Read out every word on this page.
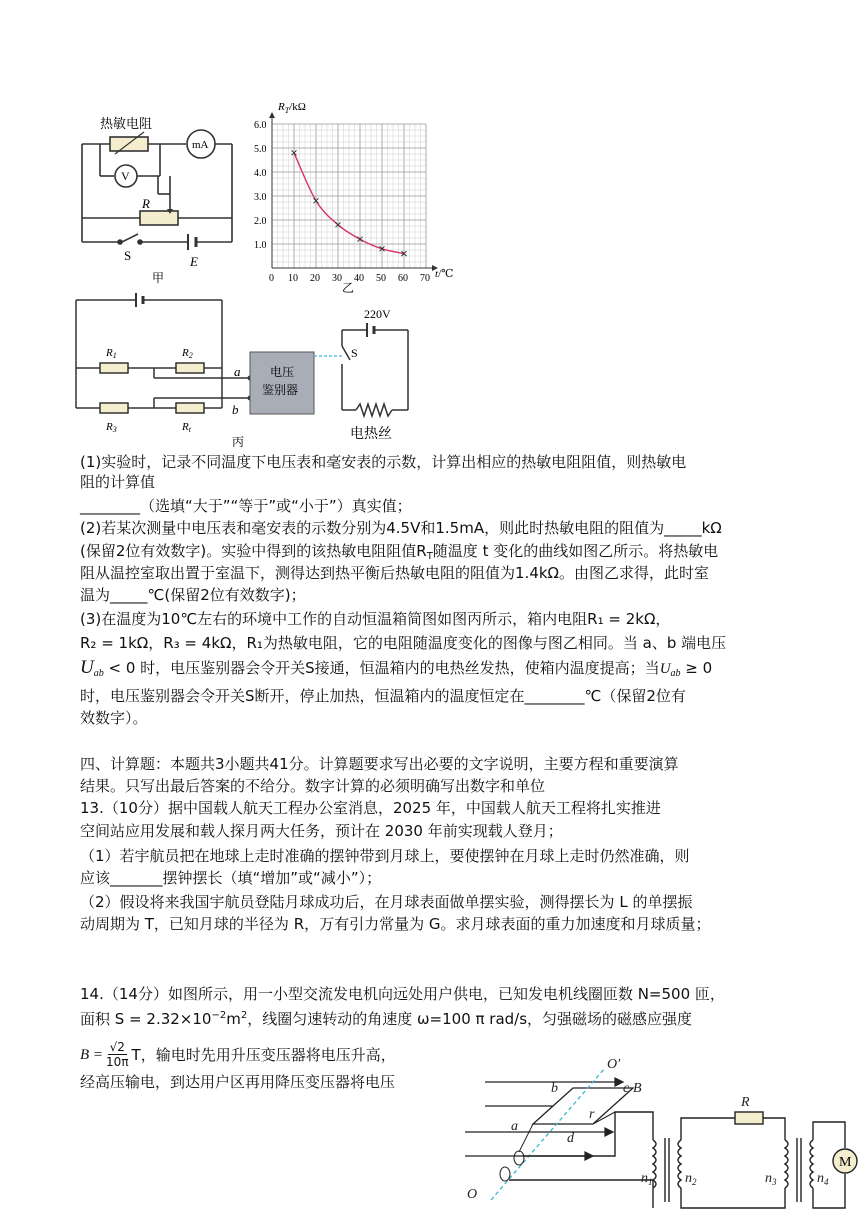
热敏电阻
mA
V
R
S	E
甲	0 10 20 30 40 50 60 70
1.0
2.0
3.0
4.0
5.0
6.0
$R_T/k\Omega$
t/℃
乙
R1	R2
R3	Rt
a
b
电压
鉴别器
220V
S
电热丝
丙
(1)实验时，记录不同温度下电压表和毫安表的示数，计算出相应的热敏电阻阻值，则热敏电
阻的计算值
________（选填“大于”“等于”或“小于”）真实值；
(2)若某次测量中电压表和毫安表的示数分别为4.5V和1.5mA，则此时热敏电阻的阻值为_____kΩ
(保留2位有效数字)。实验中得到的该热敏电阻阻值$R_T$随温度 t 变化的曲线如图乙所示。将热敏电
阻从温控室取出置于室温下，测得达到热平衡后热敏电阻的阻值为1.4kΩ。由图乙求得，此时室
温为_____℃(保留2位有效数字)；
(3)在温度为10℃左右的环境中工作的自动恒温箱简图如图丙所示，箱内电阻R₁ = 2kΩ，
R₂ = 1kΩ，R₃ = 4kΩ，R₁为热敏电阻，它的电阻随温度变化的图像与图乙相同。当 a、b 端电压
$U_{ab} < 0$ 时，电压鉴别器会令开关S接通，恒温箱内的电热丝发热，使箱内温度提高；当$U_{ab} \ge 0$
时，电压鉴别器会令开关S断开，停止加热，恒温箱内的温度恒定在________℃（保留2位有
效数字）。
四、计算题：本题共3小题共41分。计算题要求写出必要的文字说明，主要方程和重要演算
结果。只写出最后答案的不给分。数字计算的必须明确写出数字和单位
13.（10分）据中国载人航天工程办公室消息，2025 年，中国载人航天工程将扎实推进
空间站应用发展和载人探月两大任务，预计在 2030 年前实现载人登月；
（1）若宇航员把在地球上走时准确的摆钟带到月球上，要使摆钟在月球上走时仍然准确，则
应该_______摆钟摆长（填“增加”或“减小”）；
（2）假设将来我国宇航员登陆月球成功后，在月球表面做单摆实验，测得摆长为 L 的单摆振
动周期为 T，已知月球的半径为 R，万有引力常量为 G。求月球表面的重力加速度和月球质量；
14.（14分）如图所示，用一小型交流发电机向远处用户供电，已知发电机线圈匝数 N=500 匝，
面积 $S = 2.32\times 10^{-2}m^2$，线圈匀速转动的角速度 ω=100 π rad/s，匀强磁场的磁感应强度
$B = \frac{√2}{10\pi}$ T，输电时先用升压变压器将电压升高，
经高压输电，到达用户区再用降压变压器将电压
M
O′
O
b	c B
r
a
d
R
$n_1$ $n_2$	$n_3$	$n_4$
